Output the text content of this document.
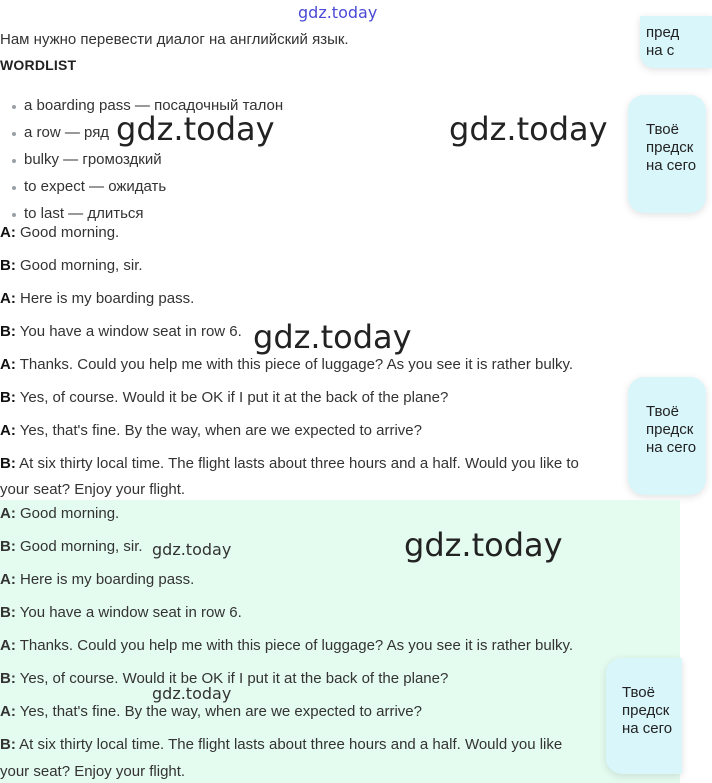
gdz.today
пред
на с
Нам нужно перевести диалог на английский язык.
WORDLIST
a boarding pass — посадочный талон
a row — ряд
bulky — громоздкий
to expect — ожидать
to last — длиться
gdz.today	gdz.today	Твоё
предск
на сего
A: Good morning.
B: Good morning, sir.
A: Here is my boarding pass.
B: You have a window seat in row 6.
A: Thanks. Could you help me with this piece of luggage? As you see it is rather bulky.
B: Yes, of course. Would it be OK if I put it at the back of the plane?
A: Yes, that's fine. By the way, when are we expected to arrive?
B: At six thirty local time. The flight lasts about three hours and a half. Would you like to
your seat? Enjoy your flight.
gdz.today
Твоё
предск
на сего
A: Good morning.
B: Good morning, sir.
A: Here is my boarding pass.
B: You have a window seat in row 6.
A: Thanks. Could you help me with this piece of luggage? As you see it is rather bulky.
B: Yes, of course. Would it be OK if I put it at the back of the plane?
A: Yes, that's fine. By the way, when are we expected to arrive?
B: At six thirty local time. The flight lasts about three hours and a half. Would you like
your seat? Enjoy your flight.
gdz.today	gdz.today
gdz.today	Твоё
предск
на сего
